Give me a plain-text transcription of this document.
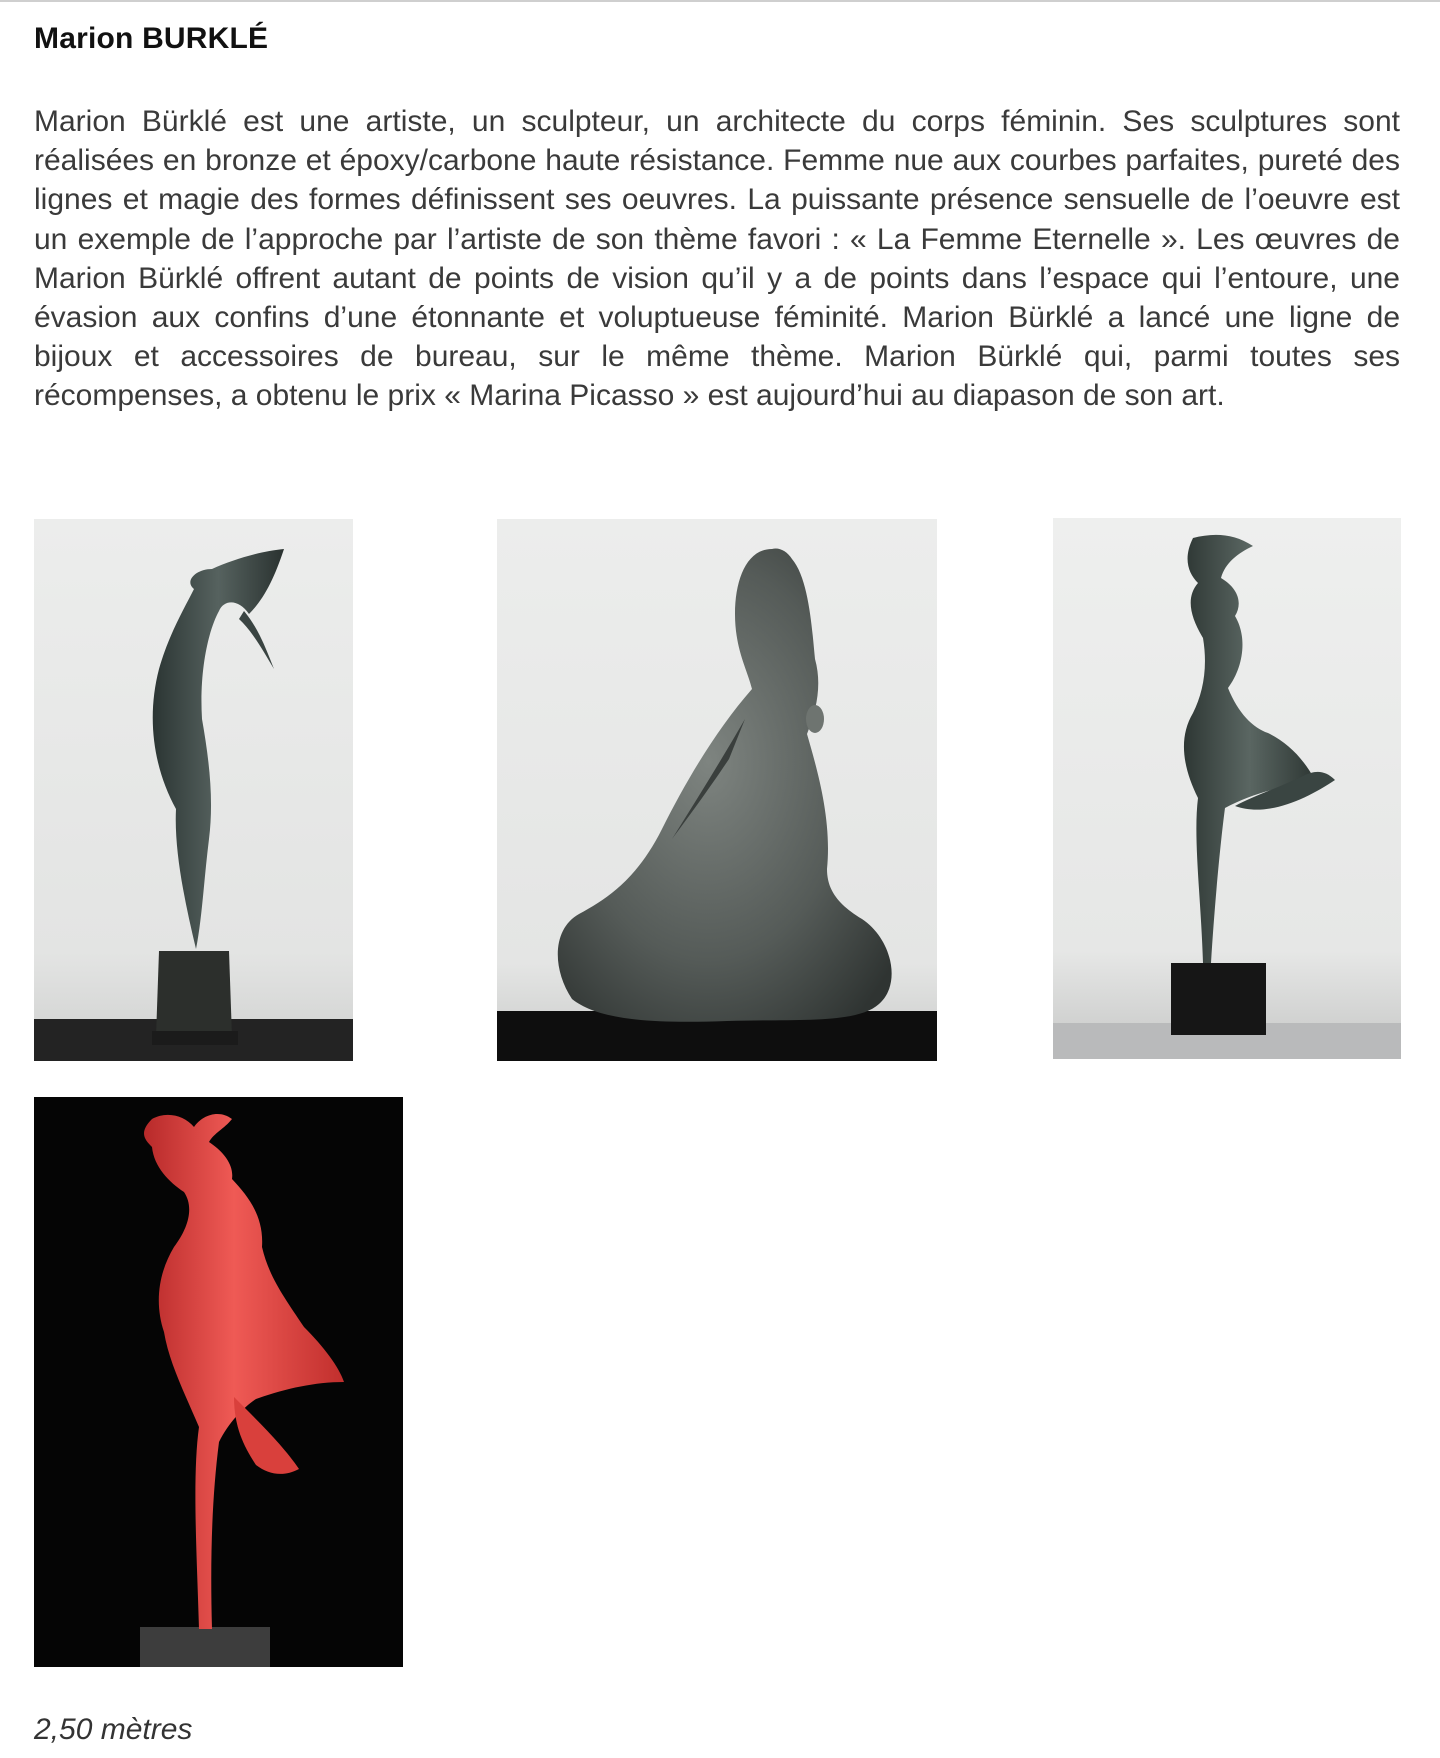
Marion BURKLÉ

Marion Bürklé est une artiste, un sculpteur, un architecte du corps féminin. Ses sculptures sont réalisées en bronze et époxy/carbone haute résistance. Femme nue aux courbes parfaites, pureté des lignes et magie des formes définissent ses oeuvres. La puissante présence sensuelle de l’oeuvre est un exemple de l’approche par l’artiste de son thème favori : « La Femme Eternelle ». Les œuvres de Marion Bürklé offrent autant de points de vision qu’il y a de points dans l’espace qui l’entoure, une évasion aux confins d’une étonnante et voluptueuse féminité. Marion Bürklé a lancé une ligne de bijoux et accessoires de bureau, sur le même thème. Marion Bürklé qui, parmi toutes ses récompenses, a obtenu le prix « Marina Picasso » est aujourd’hui au diapason de son art.

2,50 mètres
